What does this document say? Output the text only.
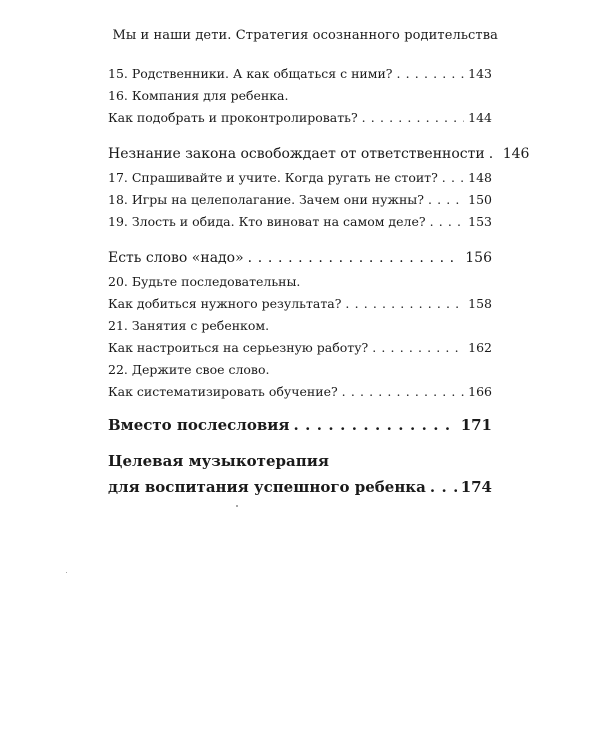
Мы и наши дети. Стратегия осознанного родительства
15. Родственники. А как общаться с ними? . . .	143
16. Компания для ребенка.
Как подобрать и проконтролировать? . . .	144
Незнание закона освобождает от ответственности . . . 146
17. Спрашивайте и учите. Когда ругать не стоит? . . . 148
18. Игры на целеполагание. Зачем они нужны? . . .	150
19. Злость и обида. Кто виноват на самом деле? . . .	153
Есть слово «надо» . . .	156
20. Будьте последовательны.
Как добиться нужного результата? . . .	158
21. Занятия с ребенком.
Как настроиться на серьезную работу? . . .	162
22. Держите свое слово.
Как систематизировать обучение? . . .	166
Вместо послесловия . . .	171
Целевая музыкотерапия
для воспитания успешного ребенка . . . 174
